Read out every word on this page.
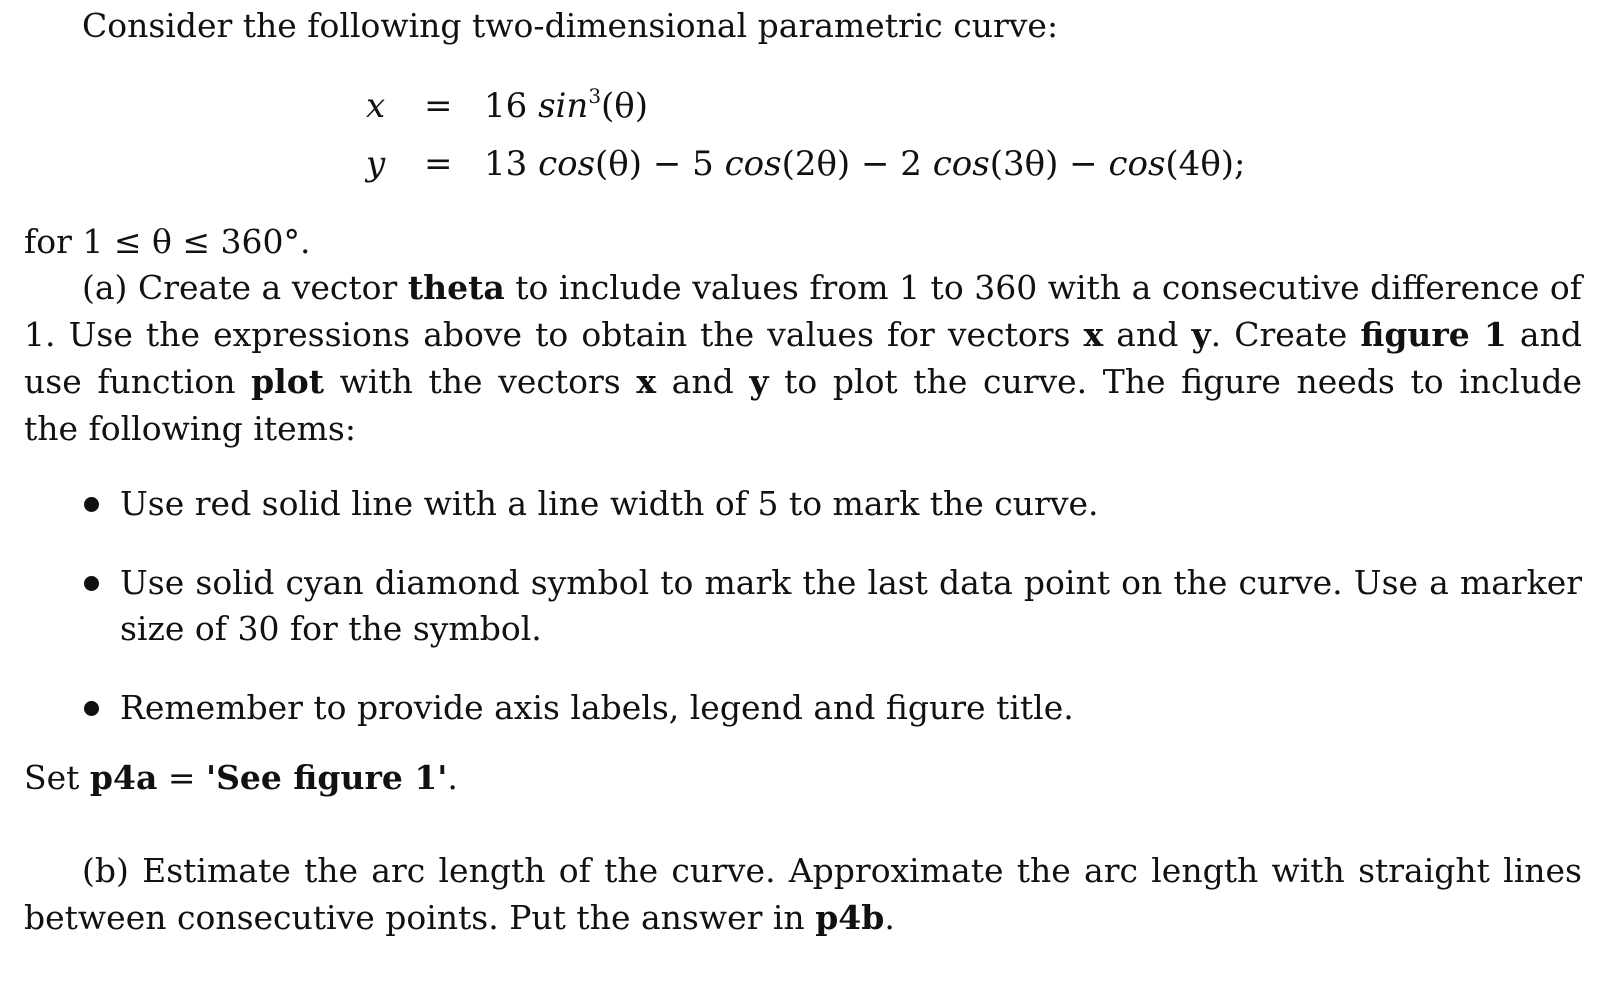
Consider the following two-dimensional parametric curve:
x = 16 $\sin^3(\theta)$
y = 13 cos(θ) − 5 cos(2θ) − 2 cos(3θ) − cos(4θ);
for 1 ≤ θ ≤ 360°.
(a) Create a vector theta to include values from 1 to 360 with a consecutive difference of
1. Use the expressions above to obtain the values for vectors x and y. Create figure 1 and
use function plot with the vectors x and y to plot the curve. The figure needs to include
the following items:
Use red solid line with a line width of 5 to mark the curve.
Use solid cyan diamond symbol to mark the last data point on the curve. Use a marker
size of 30 for the symbol.
Remember to provide axis labels, legend and figure title.
Set p4a = 'See figure 1'.
(b) Estimate the arc length of the curve. Approximate the arc length with straight lines
between consecutive points. Put the answer in p4b.
